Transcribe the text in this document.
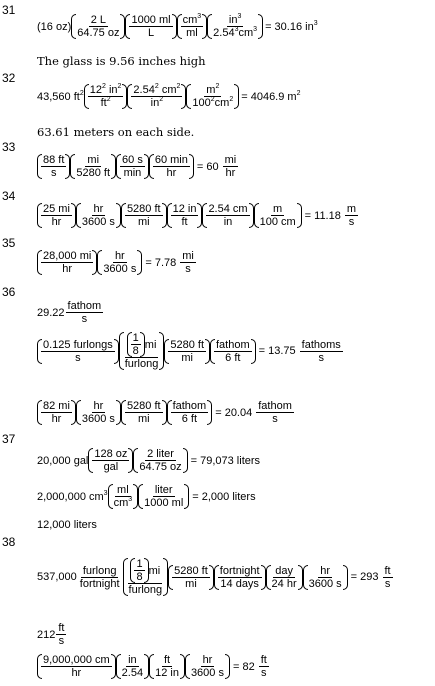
31
(16 $oz) \frac{2 L}{64.75 oz} \frac{1000 ml}{L} cm^3$
ml
$in^3$
$2.54^3cm^3 = 30.16$ $in^3$
The glass is 9.56 inches high
32
43,560 $ft^2$ $12^2$ $in^2$
$ft^2$
2.54$^2$ $cm^2$
$in^2$
$m^2$
$100^2cm^2 = 4046.9$ $m^2$
63.61 meters on each side.
33
$\frac{88 ft}{s} \frac{mi}{5280 ft} 60$ s
min
60 min
hr
= $60 \frac{mi}{hr}$
34
$\frac{25 mi}{hr} \frac{hr}{3600 s} \frac{5280 ft}{mi} \frac{12 in}{ft} \frac{2.54 cm}{in} \frac{m}{100 cm} = 11.18 \frac{m}{s}$
35
$\frac{28,000 mi}{hr} \frac{hr}{3600 s} = 7.78 \frac{mi}{s}$
36
29.22
fathom
s
0.125 furlongs
s
$\frac{1}{8}$ mi
furlong
$\frac{5280 ft}{mi}$ fathom
6 ft
= 13.75
fathoms
s
$\frac{82 mi}{hr} \frac{hr}{3600 s} \frac{5280 ft}{mi}$ fathom
6 ft
= 20.04
fathom
s
37
20,000 gal
128 oz
gal
2 liter
64.75 oz
= 79,073 liters
2,000,000 $cm^3$ ml
$cm^3$
liter
1000 ml
= 2,000 liters
12,000 liters
38
537,000
furlong
fortnight
$\frac{1}{8}$ mi
furlong
$\frac{5280 ft}{mi}$ fortnight
14 days
day
24 hr $\frac{hr}{3600 s} = 293 \frac{ft}{s}$
$212 \frac{ft}{s}$
$\frac{9,000,000 cm}{hr} \frac{in}{2.54} \frac{ft}{12 in} \frac{hr}{3600 s} = 82 \frac{ft}{s}$
